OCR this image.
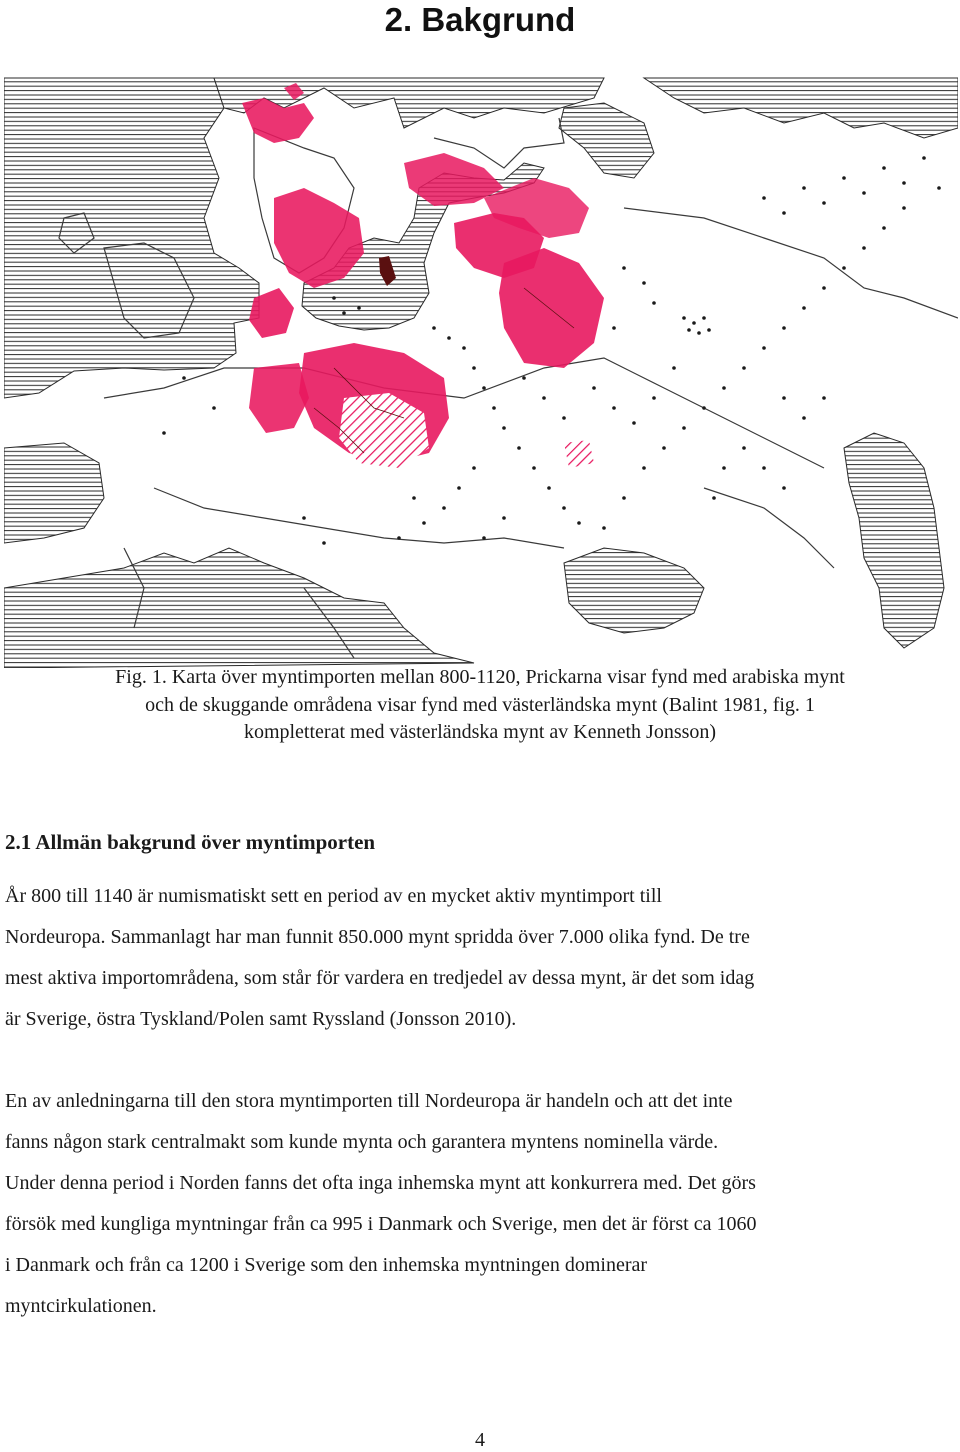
2. Bakgrund
Fig. 1. Karta över myntimporten mellan 800-1120, Prickarna visar fynd med arabiska mynt
och de skuggande områdena visar fynd med västerländska mynt (Balint 1981, fig. 1
kompletterat med västerländska mynt av Kenneth Jonsson)
2.1 Allmän bakgrund över myntimporten
År 800 till 1140 är numismatiskt sett en period av en mycket aktiv myntimport till
Nordeuropa. Sammanlagt har man funnit 850.000 mynt spridda över 7.000 olika fynd. De tre
mest aktiva importområdena, som står för vardera en tredjedel av dessa mynt, är det som idag
är Sverige, östra Tyskland/Polen samt Ryssland (Jonsson 2010).
En av anledningarna till den stora myntimporten till Nordeuropa är handeln och att det inte
fanns någon stark centralmakt som kunde mynta och garantera myntens nominella värde.
Under denna period i Norden fanns det ofta inga inhemska mynt att konkurrera med. Det görs
försök med kungliga myntningar från ca 995 i Danmark och Sverige, men det är först ca 1060
i Danmark och från ca 1200 i Sverige som den inhemska myntningen dominerar
myntcirkulationen.
4
